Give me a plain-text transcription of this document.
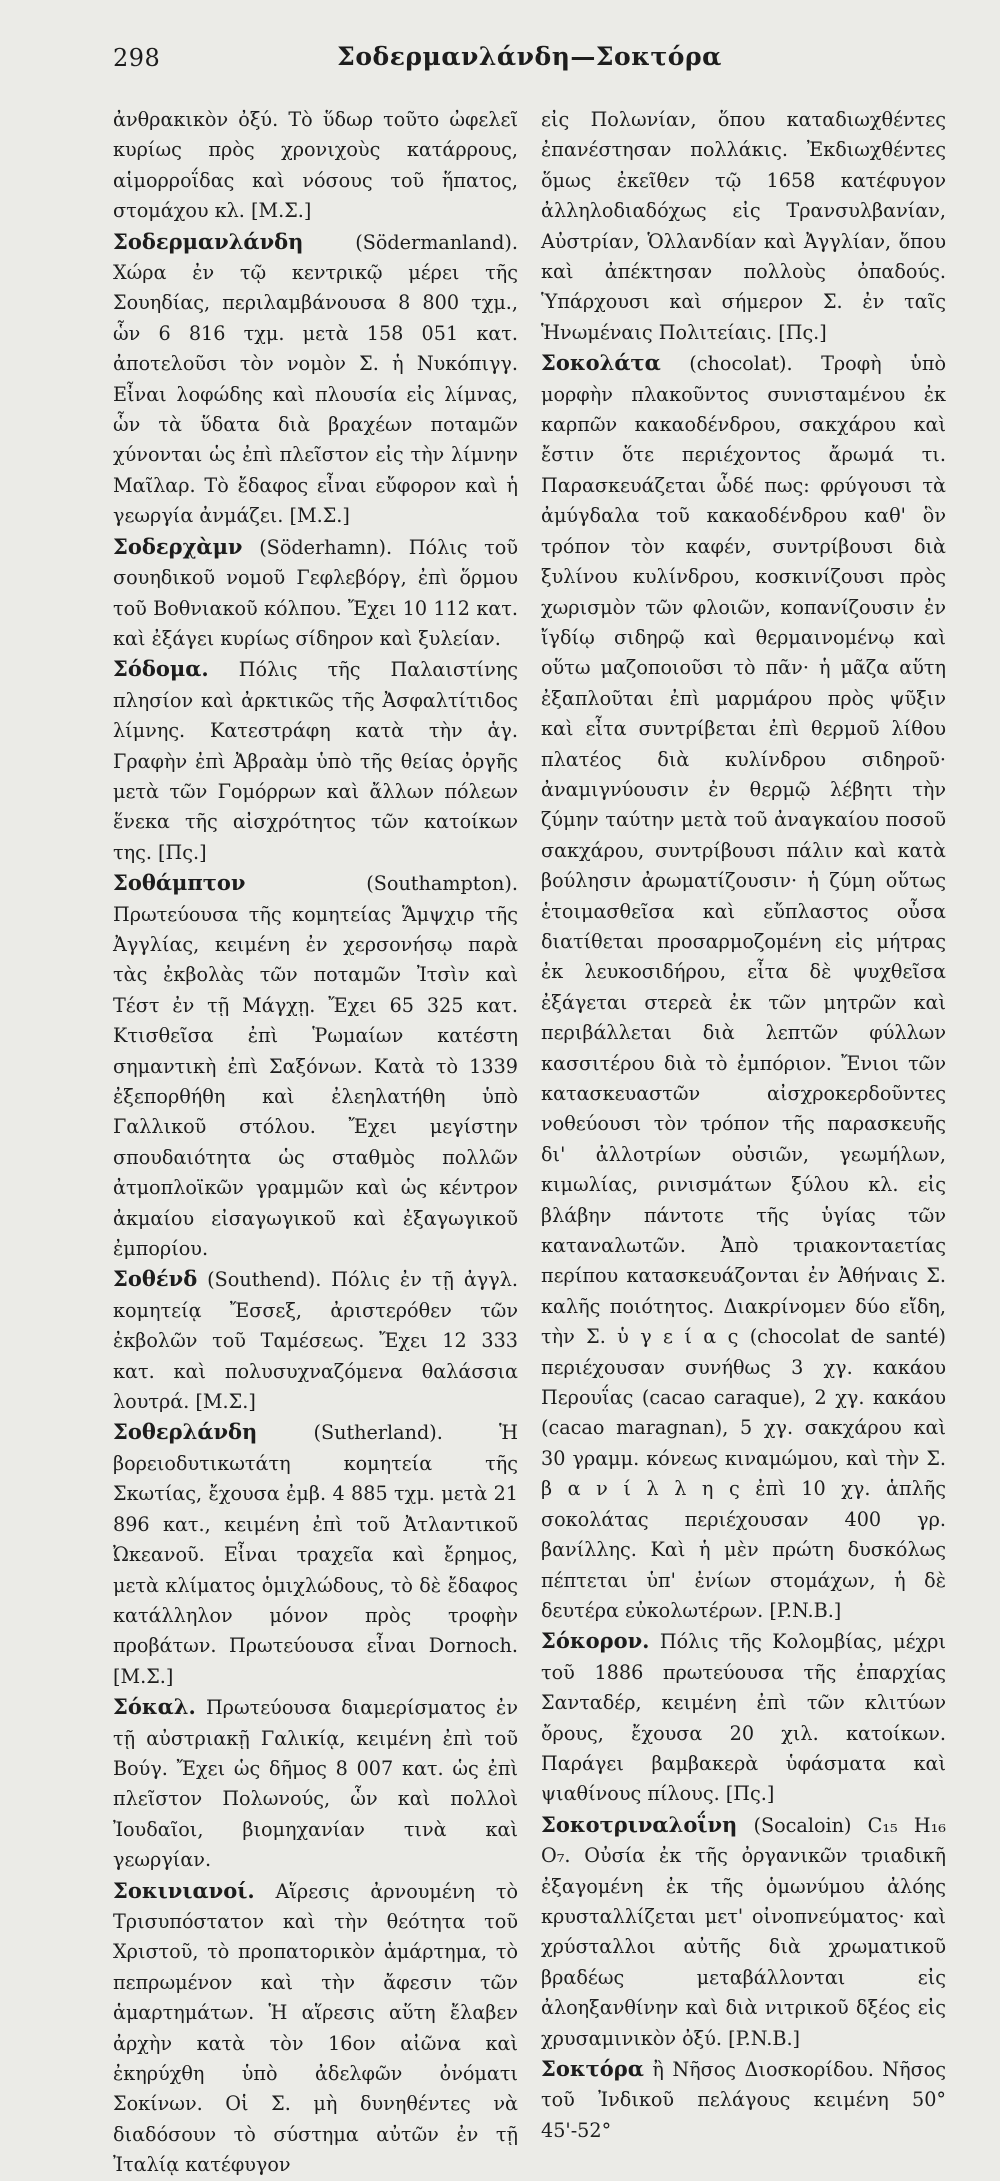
298	Σοδερμανλάνδη—Σοκτόρα

ἀνθρακικὸν ὀξύ. Τὸ ὕδωρ τοῦτο ὠφελεῖ κυρίως πρὸς χρονιχοὺς κατάρρους, αἱμορροΐδας καὶ νόσους τοῦ ἥπατος, στομάχου κλ. [Μ.Σ.]

Σοδερμανλάνδη	(Södermanland). Χώρα ἐν τῷ κεντρικῷ μέρει τῆς Σουηδίας, περιλαμβάνουσα 8 800 τχμ., ὧν 6 816 τχμ. μετὰ 158 051 κατ. ἀποτελοῦσι τὸν νομὸν Σ. ἡ Νυκόπιγγ. Εἶναι λοφώδης καὶ πλουσία εἰς λίμνας, ὧν τὰ ὕδατα διὰ βραχέων ποταμῶν χύνονται ὡς ἐπὶ πλεῖστον εἰς τὴν λίμνην Μαῖλαρ. Τὸ ἔδαφος εἶναι εὔφορον καὶ ἡ γεωργία ἀνμάζει. [Μ.Σ.]

Σοδερχὰμν (Söderhamn). Πόλις τοῦ σουηδικοῦ νομοῦ Γεφλεβόργ, ἐπὶ ὅρμου τοῦ Βοθνιακοῦ κόλπου. Ἔχει 10 112 κατ. καὶ ἐξάγει κυρίως σίδηρον καὶ ξυλείαν.

Σόδομα. Πόλις τῆς Παλαιστίνης πλησίον καὶ ἀρκτικῶς τῆς Ἀσφαλτίτιδος λίμνης. Κατεστράφη κατὰ τὴν ἁγ. Γραφὴν ἐπὶ Ἀβραὰμ ὑπὸ τῆς θείας ὀργῆς μετὰ τῶν Γομόρρων καὶ ἄλλων πόλεων ἕνεκα τῆς αἰσχρότητος τῶν κατοίκων της. [Πς.]

Σοθάμπτον	(Southampton). Πρωτεύουσα τῆς κομητείας Ἅμψχιρ τῆς Ἀγγλίας, κειμένη ἐν χερσονήσῳ παρὰ τὰς ἐκβολὰς τῶν ποταμῶν Ἰτσὶν καὶ Τέστ ἐν τῇ Μάγχῃ. Ἔχει 65 325 κατ. Κτισθεῖσα ἐπὶ Ῥωμαίων κατέστη σημαντικὴ ἐπὶ Σαξόνων. Κατὰ τὸ 1339 ἐξεπορθήθη καὶ ἐλεηλατήθη ὑπὸ Γαλλικοῦ στόλου. Ἔχει μεγίστην σπουδαιότητα ὡς σταθμὸς πολλῶν ἀτμοπλοϊκῶν γραμμῶν καὶ ὡς κέντρον ἀκμαίου εἰσαγωγικοῦ καὶ ἐξαγωγικοῦ ἐμπορίου.

Σοθένδ (Southend). Πόλις ἐν τῇ ἀγγλ. κομητείᾳ Ἔσσεξ, ἀριστερόθεν τῶν ἐκβολῶν τοῦ Ταμέσεως. Ἔχει 12 333 κατ. καὶ πολυσυχναζόμενα θαλάσσια λουτρά. [Μ.Σ.]

Σοθερλάνδη	(Sutherland). Ἡ βορειοδυτικωτάτη κομητεία τῆς Σκωτίας, ἔχουσα ἐμβ. 4 885 τχμ. μετὰ 21 896 κατ., κειμένη ἐπὶ τοῦ Ἀτλαντικοῦ Ὠκεανοῦ. Εἶναι τραχεῖα καὶ ἔρημος, μετὰ κλίματος ὁμιχλώδους, τὸ δὲ ἔδαφος κατάλληλον μόνον πρὸς τροφὴν προβάτων. Πρωτεύουσα εἶναι Dornoch. [Μ.Σ.]

Σόκαλ. Πρωτεύουσα διαμερίσματος ἐν τῇ αὐστριακῇ Γαλικίᾳ, κειμένη ἐπὶ τοῦ Βούγ. Ἔχει ὡς δῆμος 8 007 κατ. ὡς ἐπὶ πλεῖστον Πολωνούς, ὧν καὶ πολλοὶ Ἰουδαῖοι, βιομηχανίαν τινὰ καὶ γεωργίαν.

Σοκινιανοί. Αἵρεσις ἀρνουμένη τὸ Τρισυπόστατον καὶ τὴν θεότητα τοῦ Χριστοῦ, τὸ προπατορικὸν ἁμάρτημα, τὸ πεπρωμένον καὶ τὴν ἄφεσιν τῶν ἁμαρτημάτων. Ἡ αἵρεσις αὕτη ἔλαβεν ἀρχὴν κατὰ τὸν 16ον αἰῶνα καὶ ἐκηρύχθη ὑπὸ ἀδελφῶν ὀνόματι Σοκίνων. Οἱ Σ. μὴ δυνηθέντες νὰ διαδόσουν τὸ σύστημα αὐτῶν ἐν τῇ Ἰταλίᾳ κατέφυγον

εἰς Πολωνίαν, ὅπου καταδιωχθέντες ἐπανέστησαν πολλάκις. Ἐκδιωχθέντες ὅμως ἐκεῖθεν τῷ 1658 κατέφυγον ἀλληλοδιαδόχως εἰς Τρανσυλβανίαν, Αὐστρίαν, Ὁλλανδίαν καὶ Ἀγγλίαν, ὅπου καὶ ἀπέκτησαν πολλοὺς ὀπαδούς. Ὑπάρχουσι καὶ σήμερον Σ. ἐν ταῖς Ἡνωμέναις Πολιτείαις. [Πς.]

Σοκολάτα (chocolat). Τροφὴ ὑπὸ μορφὴν πλακοῦντος συνισταμένου ἐκ καρπῶν κακαοδένδρου, σακχάρου καὶ ἔστιν ὅτε περιέχοντος ἄρωμά τι. Παρασκευάζεται ὧδέ πως: φρύγουσι τὰ ἀμύγδαλα τοῦ κακαοδένδρου καθ' ὃν τρόπον τὸν καφέν, συντρίβουσι διὰ ξυλίνου κυλίνδρου, κοσκινίζουσι πρὸς χωρισμὸν τῶν φλοιῶν, κοπανίζουσιν ἐν ἴγδίῳ σιδηρῷ καὶ θερμαινομένῳ καὶ οὕτω μαζοποιοῦσι τὸ πᾶν· ἡ μᾶζα αὕτη ἐξαπλοῦται ἐπὶ μαρμάρου πρὸς ψῦξιν καὶ εἶτα συντρίβεται ἐπὶ θερμοῦ λίθου πλατέος διὰ κυλίνδρου σιδηροῦ· ἀναμιγνύουσιν ἐν θερμῷ λέβητι τὴν ζύμην ταύτην μετὰ τοῦ ἀναγκαίου ποσοῦ σακχάρου, συντρίβουσι πάλιν καὶ κατὰ βούλησιν ἀρωματίζουσιν· ἡ ζύμη οὕτως ἑτοιμασθεῖσα καὶ εὔπλαστος οὖσα διατίθεται προσαρμοζομένη εἰς μήτρας ἐκ λευκοσιδήρου, εἶτα δὲ ψυχθεῖσα ἐξάγεται στερεὰ ἐκ τῶν μητρῶν καὶ περιβάλλεται διὰ λεπτῶν φύλλων κασσιτέρου διὰ τὸ ἐμπόριον. Ἔνιοι τῶν κατασκευαστῶν αἰσχροκερδοῦντες νοθεύουσι τὸν τρόπον τῆς παρασκευῆς δι' ἀλλοτρίων οὐσιῶν, γεωμήλων, κιμωλίας, ρινισμάτων ξύλου κλ. εἰς βλάβην πάντοτε τῆς ὑγίας τῶν καταναλωτῶν. Ἀπὸ τριακονταετίας περίπου κατασκευάζονται ἐν Ἀθήναις Σ. καλῆς ποιότητος. Διακρίνομεν δύο εἴδη, τὴν Σ. ὑ γ ε ί α ς (chocolat de santé) περιέχουσαν συνήθως 3 χγ. κακάου Περουΐας (cacao caraque), 2 χγ. κακάου (cacao maragnan), 5 χγ. σακχάρου καὶ 30 γραμμ. κόνεως κιναμώμου, καὶ τὴν Σ. β α ν ί λ λ η ς ἐπὶ 10 χγ. ἁπλῆς σοκολάτας περιέχουσαν 400 γρ. βανίλλης. Καὶ ἡ μὲν πρώτη δυσκόλως πέπτεται ὑπ' ἐνίων στομάχων, ἡ δὲ δευτέρα εὐκολωτέρων. [P.N.B.]

Σόκορον. Πόλις τῆς Κολομβίας, μέχρι τοῦ 1886 πρωτεύουσα τῆς ἐπαρχίας Σανταδέρ, κειμένη ἐπὶ τῶν κλιτύων ὄρους, ἔχουσα 20 χιλ. κατοίκων. Παράγει βαμβακερὰ ὑφάσματα καὶ ψιαθίνους πίλους. [Πς.]

Σοκοτριναλοΐνη (Socaloin) C₁₅ H₁₆ O₇. Οὐσία ἐκ τῆς ὀργανικῶν τριαδικῆ ἐξαγομένη ἐκ τῆς ὁμωνύμου ἀλόης κρυσταλλίζεται μετ' οἰνοπνεύματος· καὶ χρύσταλλοι αὐτῆς διὰ χρωματικοῦ βραδέως μεταβάλλονται εἰς ἀλοηξανθίνην καὶ διὰ νιτρικοῦ δξέος εἰς χρυσαμινικὸν ὀξύ. [P.N.B.]

Σοκτόρα ἢ Νῆσος Διοσκορίδου. Νῆσος τοῦ Ἰνδικοῦ πελάγους κειμένη 50° 45'-52°
